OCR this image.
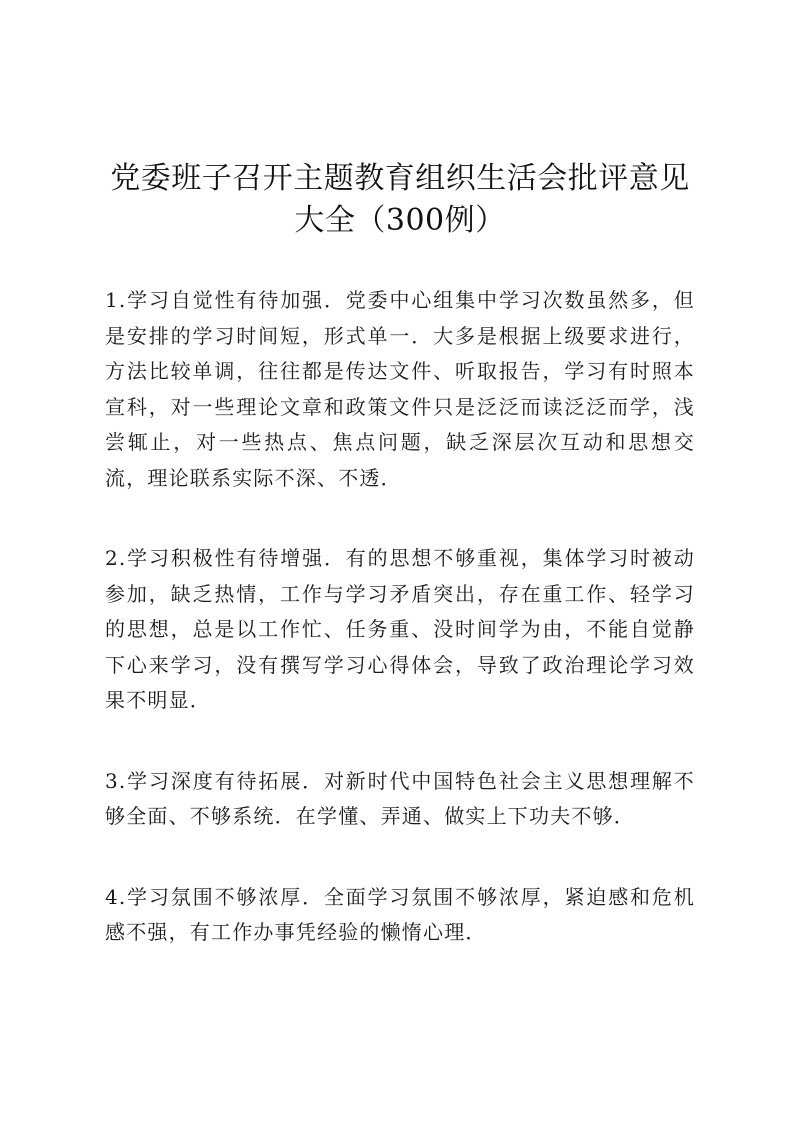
党委班子召开主题教育组织生活会批评意见大全（300例）

1.学习自觉性有待加强．党委中心组集中学习次数虽然多，但是安排的学习时间短，形式单一．大多是根据上级要求进行，方法比较单调，往往都是传达文件、听取报告，学习有时照本宣科，对一些理论文章和政策文件只是泛泛而读泛泛而学，浅尝辄止，对一些热点、焦点问题，缺乏深层次互动和思想交流，理论联系实际不深、不透．

2.学习积极性有待增强．有的思想不够重视，集体学习时被动参加，缺乏热情，工作与学习矛盾突出，存在重工作、轻学习的思想，总是以工作忙、任务重、没时间学为由，不能自觉静下心来学习，没有撰写学习心得体会，导致了政治理论学习效果不明显．

3.学习深度有待拓展．对新时代中国特色社会主义思想理解不够全面、不够系统．在学懂、弄通、做实上下功夫不够．

4.学习氛围不够浓厚．全面学习氛围不够浓厚，紧迫感和危机感不强，有工作办事凭经验的懒惰心理．
